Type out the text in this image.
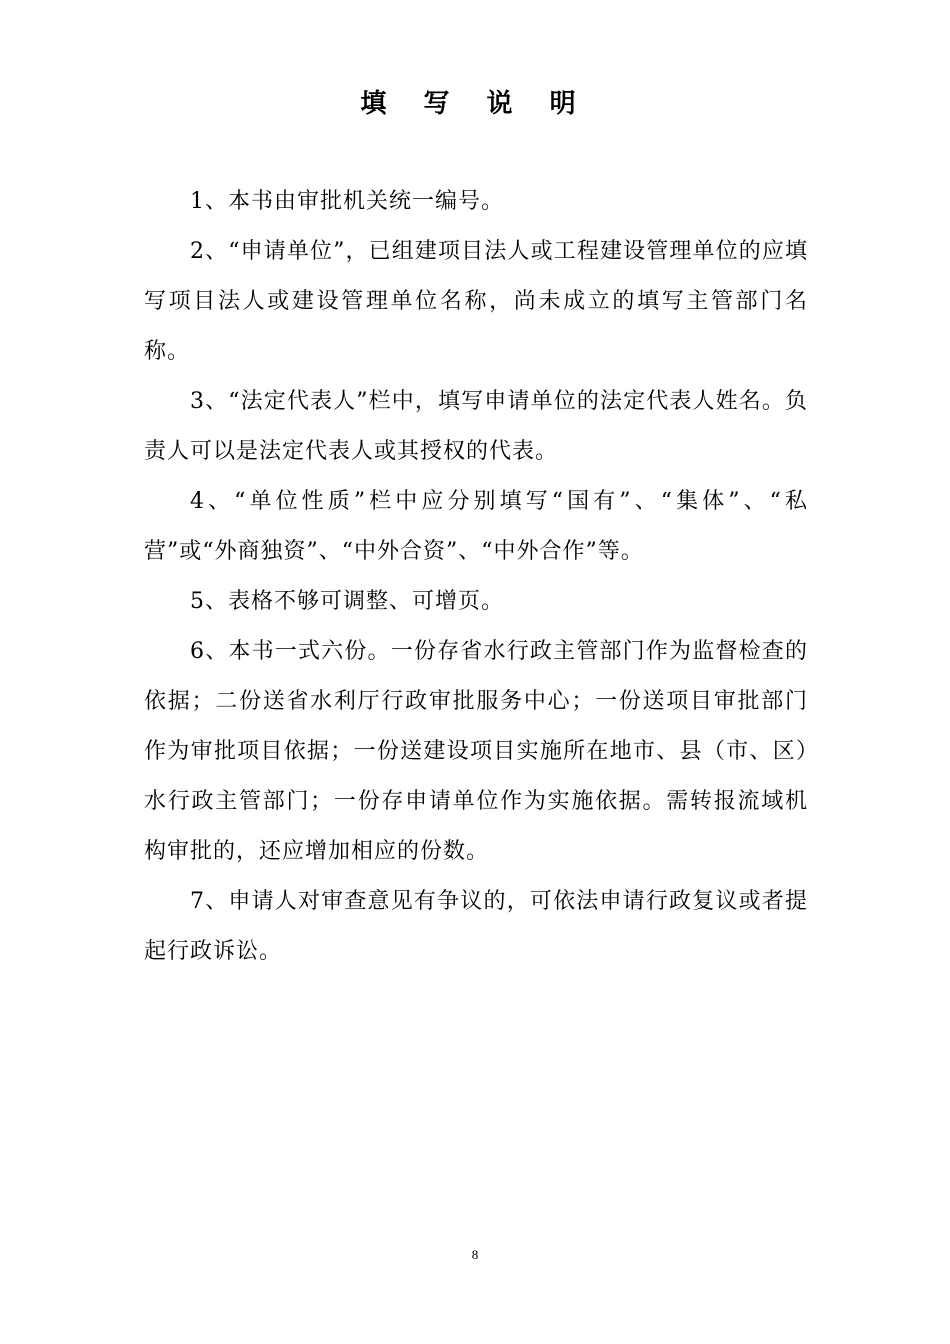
填 写 说 明

1、本书由审批机关统一编号。

2、“申请单位”，已组建项目法人或工程建设管理单位的应填写项目法人或建设管理单位名称，尚未成立的填写主管部门名称。

3、“法定代表人”栏中，填写申请单位的法定代表人姓名。负责人可以是法定代表人或其授权的代表。

4、“单位性质”栏中应分别填写“国有”、“集体”、“私营”或“外商独资”、“中外合资”、“中外合作”等。

5、表格不够可调整、可增页。

6、本书一式六份。一份存省水行政主管部门作为监督检查的依据；二份送省水利厅行政审批服务中心；一份送项目审批部门作为审批项目依据；一份送建设项目实施所在地市、县（市、区）水行政主管部门；一份存申请单位作为实施依据。需转报流域机构审批的，还应增加相应的份数。

7、申请人对审查意见有争议的，可依法申请行政复议或者提起行政诉讼。

8
